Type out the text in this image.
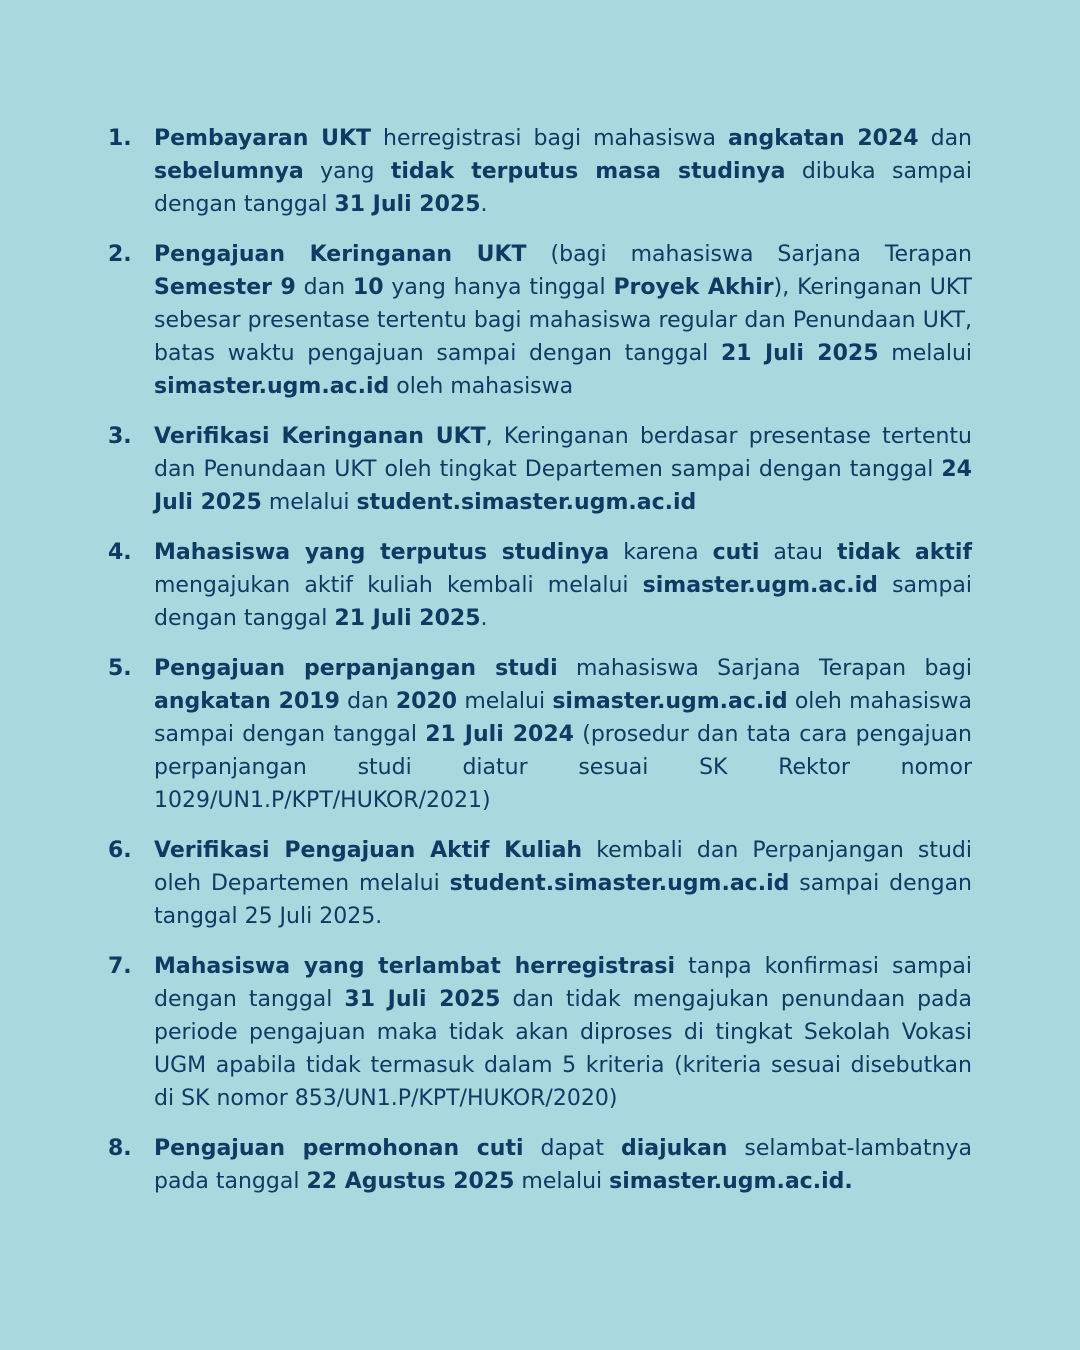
1.	Pembayaran UKT herregistrasi bagi mahasiswa angkatan 2024 dan sebelumnya yang tidak terputus masa studinya dibuka sampai dengan tanggal 31 Juli 2025.
2.	Pengajuan Keringanan UKT (bagi mahasiswa Sarjana Terapan Semester 9 dan 10 yang hanya tinggal Proyek Akhir), Keringanan UKT sebesar presentase tertentu bagi mahasiswa regular dan Penundaan UKT, batas waktu pengajuan sampai dengan tanggal 21 Juli 2025 melalui simaster.ugm.ac.id oleh mahasiswa
3.	Verifikasi Keringanan UKT, Keringanan berdasar presentase tertentu dan Penundaan UKT oleh tingkat Departemen sampai dengan tanggal 24 Juli 2025 melalui student.simaster.ugm.ac.id
4.	Mahasiswa yang terputus studinya karena cuti atau tidak aktif mengajukan aktif kuliah kembali melalui simaster.ugm.ac.id sampai dengan tanggal 21 Juli 2025.
5.	Pengajuan perpanjangan studi mahasiswa Sarjana Terapan bagi angkatan 2019 dan 2020 melalui simaster.ugm.ac.id oleh mahasiswa sampai dengan tanggal 21 Juli 2024 (prosedur dan tata cara pengajuan perpanjangan studi diatur sesuai SK Rektor nomor 1029/UN1.P/KPT/HUKOR/2021)
6.	Verifikasi Pengajuan Aktif Kuliah kembali dan Perpanjangan studi oleh Departemen melalui student.simaster.ugm.ac.id sampai dengan tanggal 25 Juli 2025.
7.	Mahasiswa yang terlambat herregistrasi tanpa konfirmasi sampai dengan tanggal 31 Juli 2025 dan tidak mengajukan penundaan pada periode pengajuan maka tidak akan diproses di tingkat Sekolah Vokasi UGM apabila tidak termasuk dalam 5 kriteria (kriteria sesuai disebutkan di SK nomor 853/UN1.P/KPT/HUKOR/2020)
8.	Pengajuan permohonan cuti dapat diajukan selambat-lambatnya pada tanggal 22 Agustus 2025 melalui simaster.ugm.ac.id.
